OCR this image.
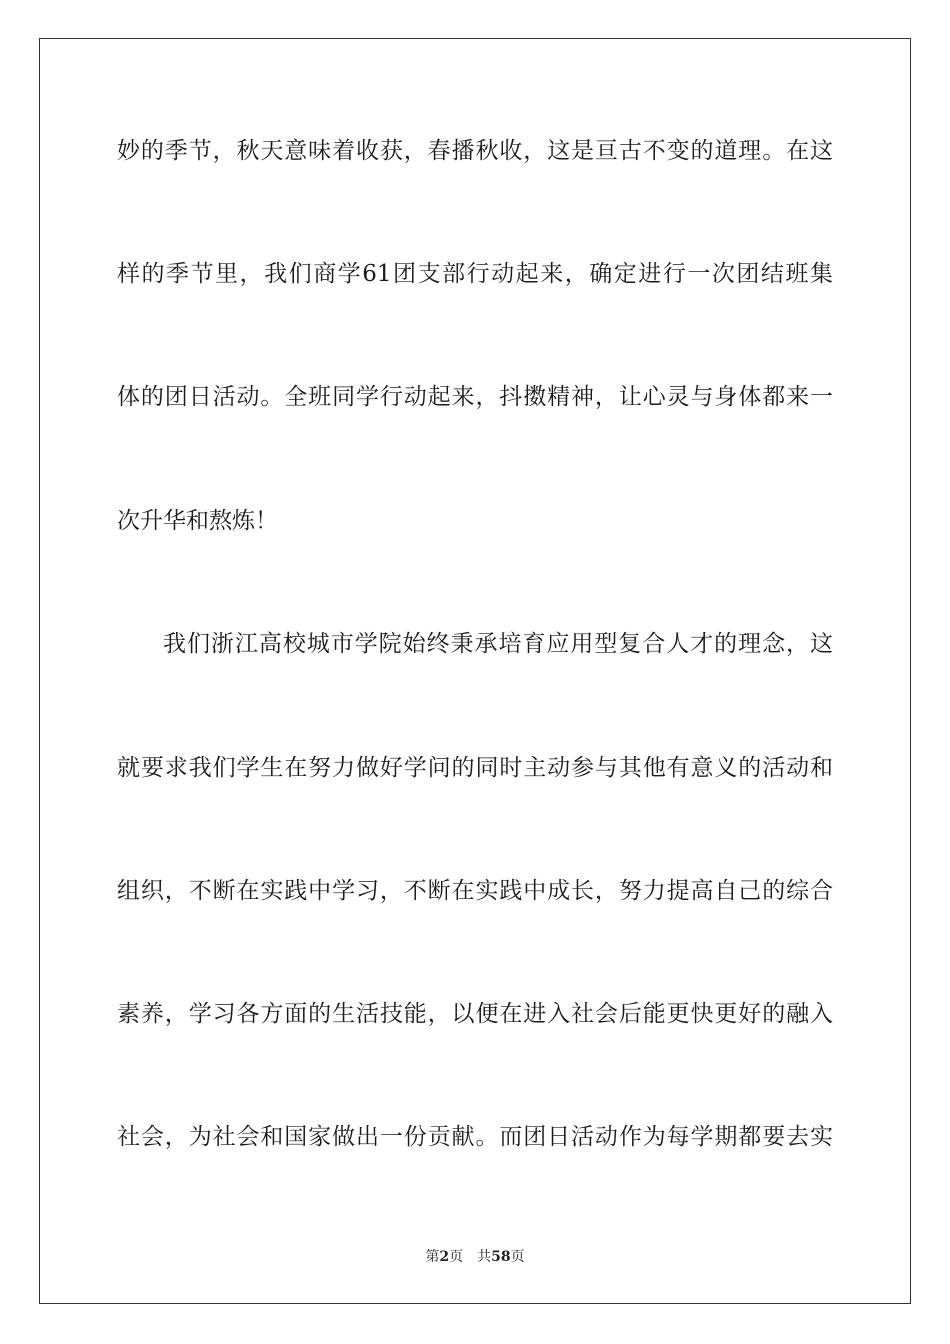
妙的季节，秋天意味着收获，春播秋收，这是亘古不变的道理。在这
样的季节里，我们商学61团支部行动起来，确定进行一次团结班集
体的团日活动。全班同学行动起来，抖擞精神，让心灵与身体都来一
次升华和熬炼！
我们浙江高校城市学院始终秉承培育应用型复合人才的理念，这
就要求我们学生在努力做好学问的同时主动参与其他有意义的活动和
组织，不断在实践中学习，不断在实践中成长，努力提高自己的综合
素养，学习各方面的生活技能，以便在进入社会后能更快更好的融入
社会，为社会和国家做出一份贡献。而团日活动作为每学期都要去实
第2页 共58页
